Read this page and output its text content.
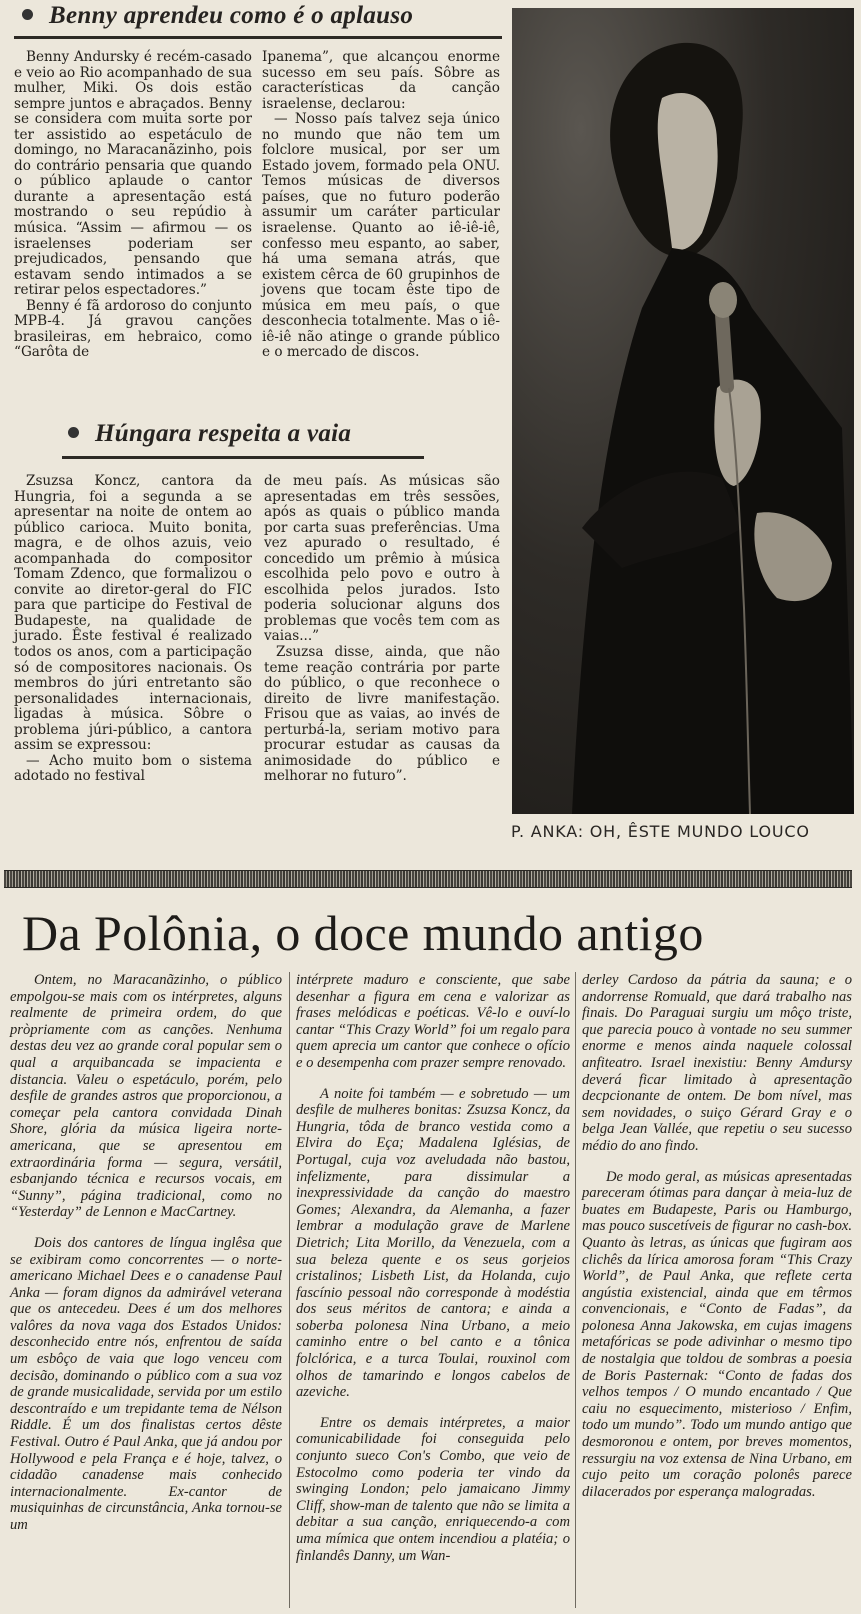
Benny aprendeu como é o aplauso

Benny Andursky é recém-casado e veio ao Rio acompanhado de sua mulher, Miki. Os dois estão sempre juntos e abraçados. Benny se considera com muita sorte por ter assistido ao espetáculo de domingo, no Maracanãzinho, pois do contrário pensaria que quando o público aplaude o cantor durante a apresentação está mostrando o seu repúdio à música. “Assim — afirmou — os israelenses poderiam ser prejudicados, pensando que estavam sendo intimados a se retirar pelos espectadores.”

Benny é fã ardoroso do conjunto MPB-4. Já gravou canções brasileiras, em hebraico, como “Garôta de

Ipanema”, que alcançou enorme sucesso em seu país. Sôbre as características da canção israelense, declarou:

— Nosso país talvez seja único no mundo que não tem um folclore musical, por ser um Estado jovem, formado pela ONU. Temos músicas de diversos países, que no futuro poderão assumir um caráter particular israelense. Quanto ao iê-iê-iê, confesso meu espanto, ao saber, há uma semana atrás, que existem cêrca de 60 grupinhos de jovens que tocam êste tipo de música em meu país, o que desconhecia totalmente. Mas o iê-iê-iê não atinge o grande público e o mercado de discos.

Húngara respeita a vaia

Zsuzsa Koncz, cantora da Hungria, foi a segunda a se apresentar na noite de ontem ao público carioca. Muito bonita, magra, e de olhos azuis, veio acompanhada do compositor Tomam Zdenco, que formalizou o convite ao diretor-geral do FIC para que participe do Festival de Budapeste, na qualidade de jurado. Êste festival é realizado todos os anos, com a participação só de compositores nacionais. Os membros do júri entretanto são personalidades internacionais, ligadas à música. Sôbre o problema júri-público, a cantora assim se expressou:

— Acho muito bom o sistema adotado no festival

de meu país. As músicas são apresentadas em três sessões, após as quais o público manda por carta suas preferências. Uma vez apurado o resultado, é concedido um prêmio à música escolhida pelo povo e outro à escolhida pelos jurados. Isto poderia solucionar alguns dos problemas que vocês tem com as vaias...”

Zsuzsa disse, ainda, que não teme reação contrária por parte do público, o que reconhece o direito de livre manifestação. Frisou que as vaias, ao invés de perturbá-la, seriam motivo para procurar estudar as causas da animosidade do público e melhorar no futuro”.

P. ANKA: OH, ÊSTE MUNDO LOUCO
Da Polônia, o doce mundo antigo

Ontem, no Maracanãzinho, o público empolgou-se mais com os intérpretes, alguns realmente de primeira ordem, do que pròpriamente com as canções. Nenhuma destas deu vez ao grande coral popular sem o qual a arquibancada se impacienta e distancia. Valeu o espetáculo, porém, pelo desfile de grandes astros que proporcionou, a começar pela cantora convidada Dinah Shore, glória da música ligeira norte-americana, que se apresentou em extraordinária forma — segura, versátil, esbanjando técnica e recursos vocais, em “Sunny”, página tradicional, como no “Yesterday” de Lennon e MacCartney.

Dois dos cantores de língua inglêsa que se exibiram como concorrentes — o norte-americano Michael Dees e o canadense Paul Anka — foram dignos da admirável veterana que os antecedeu. Dees é um dos melhores valôres da nova vaga dos Estados Unidos: desconhecido entre nós, enfrentou de saída um esbôço de vaia que logo venceu com decisão, dominando o público com a sua voz de grande musicalidade, servida por um estilo descontraído e um trepidante tema de Nélson Riddle. É um dos finalistas certos dêste Festival. Outro é Paul Anka, que já andou por Hollywood e pela França e é hoje, talvez, o cidadão canadense mais conhecido internacionalmente. Ex-cantor de musiquinhas de circunstância, Anka tornou-se um

intérprete maduro e consciente, que sabe desenhar a figura em cena e valorizar as frases melódicas e poéticas. Vê-lo e ouví-lo cantar “This Crazy World” foi um regalo para quem aprecia um cantor que conhece o ofício e o desempenha com prazer sempre renovado.

A noite foi também — e sobretudo — um desfile de mulheres bonitas: Zsuzsa Koncz, da Hungria, tôda de branco vestida como a Elvira do Eça; Madalena Iglésias, de Portugal, cuja voz aveludada não bastou, infelizmente, para dissimular a inexpressividade da canção do maestro Gomes; Alexandra, da Alemanha, a fazer lembrar a modulação grave de Marlene Dietrich; Lita Morillo, da Venezuela, com a sua beleza quente e os seus gorjeios cristalinos; Lisbeth List, da Holanda, cujo fascínio pessoal não corresponde à modéstia dos seus méritos de cantora; e ainda a soberba polonesa Nina Urbano, a meio caminho entre o bel canto e a tônica folclórica, e a turca Toulai, rouxinol com olhos de tamarindo e longos cabelos de azeviche.

Entre os demais intérpretes, a maior comunicabilidade foi conseguida pelo conjunto sueco Con's Combo, que veio de Estocolmo como poderia ter vindo da swinging London; pelo jamaicano Jimmy Cliff, show-man de talento que não se limita a debitar a sua canção, enriquecendo-a com uma mímica que ontem incendiou a platéia; o finlandês Danny, um Wan-

derley Cardoso da pátria da sauna; e o andorrense Romuald, que dará trabalho nas finais. Do Paraguai surgiu um môço triste, que parecia pouco à vontade no seu summer enorme e menos ainda naquele colossal anfiteatro. Israel inexistiu: Benny Amdursy deverá ficar limitado à apresentação decpcionante de ontem. De bom nível, mas sem novidades, o suiço Gérard Gray e o belga Jean Vallée, que repetiu o seu sucesso médio do ano findo.

De modo geral, as músicas apresentadas pareceram ótimas para dançar à meia-luz de buates em Budapeste, Paris ou Hamburgo, mas pouco suscetíveis de figurar no cash-box. Quanto às letras, as únicas que fugiram aos clichês da lírica amorosa foram “This Crazy World”, de Paul Anka, que reflete certa angústia existencial, ainda que em têrmos convencionais, e “Conto de Fadas”, da polonesa Anna Jakowska, em cujas imagens metafóricas se pode adivinhar o mesmo tipo de nostalgia que toldou de sombras a poesia de Boris Pasternak: “Conto de fadas dos velhos tempos / O mundo encantado / Que caiu no esquecimento, misterioso / Enfim, todo um mundo”. Todo um mundo antigo que desmoronou e ontem, por breves momentos, ressurgiu na voz extensa de Nina Urbano, em cujo peito um coração polonês parece dilacerados por esperança malogradas.
